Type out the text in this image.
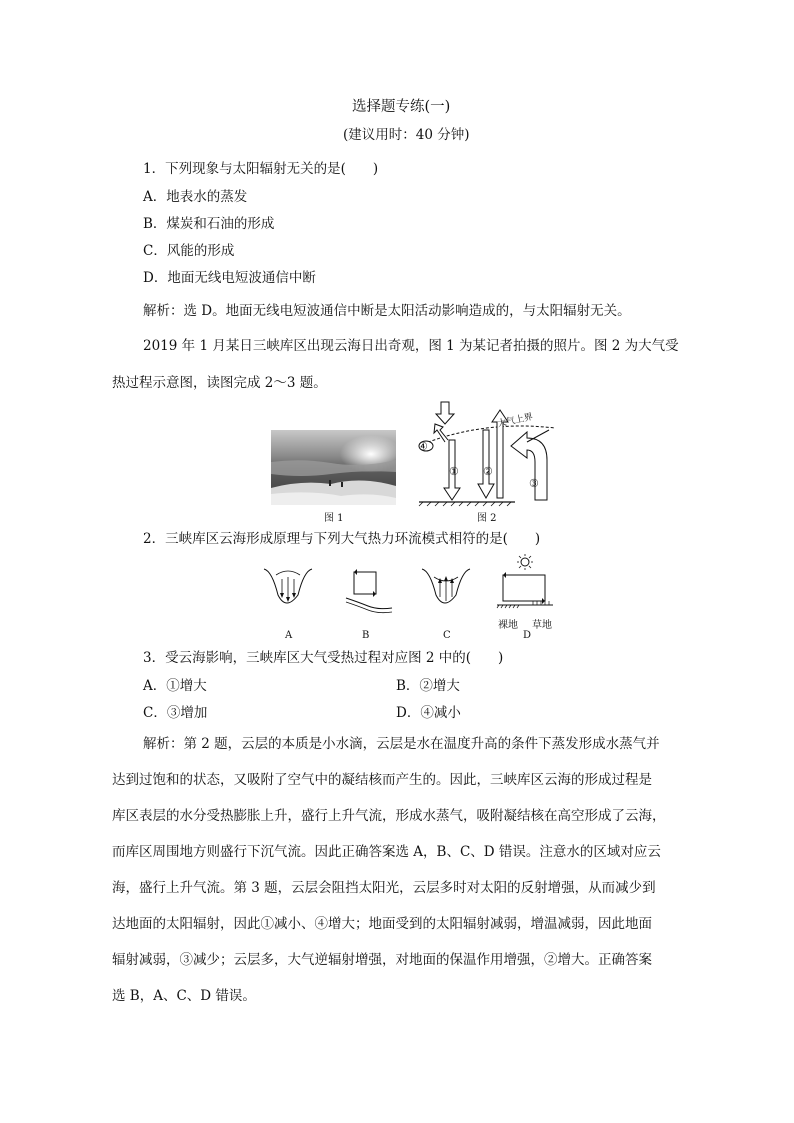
选择题专练(一)
(建议用时：40 分钟)
1．下列现象与太阳辐射无关的是(　　)
A．地表水的蒸发
B．煤炭和石油的形成
C．风能的形成
D．地面无线电短波通信中断
解析：选 D。地面无线电短波通信中断是太阳活动影响造成的，与太阳辐射无关。
2019 年 1 月某日三峡库区出现云海日出奇观，图 1 为某记者拍摄的照片。图 2 为大气受
热过程示意图，读图完成 2～3 题。
图 1
大气上界
④
① ②
③
图 2
2．三峡库区云海形成原理与下列大气热力环流模式相符的是(　　)
A	B	C
裸地 草地
D
3．受云海影响，三峡库区大气受热过程对应图 2 中的(　　)
A．①增大	B．②增大
C．③增加	D．④减小
解析：第 2 题，云层的本质是小水滴，云层是水在温度升高的条件下蒸发形成水蒸气并
达到过饱和的状态，又吸附了空气中的凝结核而产生的。因此，三峡库区云海的形成过程是
库区表层的水分受热膨胀上升，盛行上升气流，形成水蒸气，吸附凝结核在高空形成了云海，
而库区周围地方则盛行下沉气流。因此正确答案选 A，B、C、D 错误。注意水的区域对应云
海，盛行上升气流。第 3 题，云层会阻挡太阳光，云层多时对太阳的反射增强，从而减少到
达地面的太阳辐射，因此①减小、④增大；地面受到的太阳辐射减弱，增温减弱，因此地面
辐射减弱，③减少；云层多，大气逆辐射增强，对地面的保温作用增强，②增大。正确答案
选 B，A、C、D 错误。
